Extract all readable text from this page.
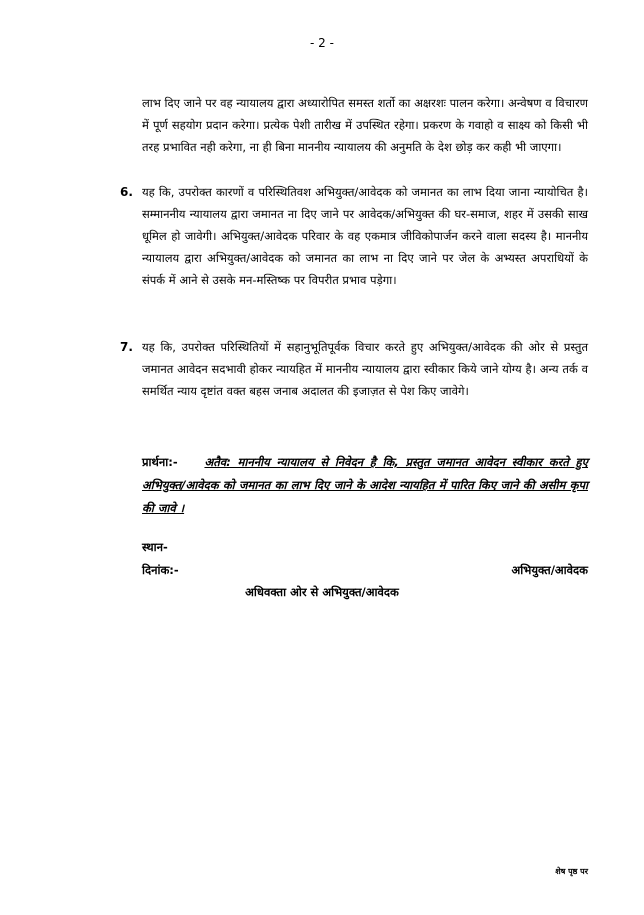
- 2 -
लाभ दिए जाने पर वह न्यायालय द्वारा अध्यारोपित समस्त शर्तो का अक्षरशः पालन करेगा। अन्वेषण व विचारण में पूर्ण सहयोग प्रदान करेगा। प्रत्येक पेशी तारीख में उपस्थित रहेगा। प्रकरण के गवाहो व साक्ष्य को किसी भी तरह प्रभावित नही करेगा, ना ही बिना माननीय न्यायालय की अनुमति के देश छोड़ कर कही भी जाएगा।
6. यह कि, उपरोक्त कारणों व परिस्थितिवश अभियुक्त/आवेदक को जमानत का लाभ दिया जाना न्यायोचित है। सम्माननीय न्यायालय द्वारा जमानत ना दिए जाने पर आवेदक/अभियुक्त की घर-समाज, शहर में उसकी साख धूमिल हो जावेगी। अभियुक्त/आवेदक परिवार के वह एकमात्र जीविकोपार्जन करने वाला सदस्य है। माननीय न्यायालय द्वारा अभियुक्त/आवेदक को जमानत का लाभ ना दिए जाने पर जेल के अभ्यस्त अपराधियों के संपर्क में आने से उसके मन-मस्तिष्क पर विपरीत प्रभाव पड़ेगा।
7. यह कि, उपरोक्त परिस्थितियों में सहानुभूतिपूर्वक विचार करते हुए अभियुक्त/आवेदक की ओर से प्रस्तुत जमानत आवेदन सदभावी होकर न्यायहित में माननीय न्यायालय द्वारा स्वीकार किये जाने योग्य है। अन्य तर्क व समर्थित न्याय दृष्टांत वक्त बहस जनाब अदालत की इजाज़त से पेश किए जावेगे।
प्रार्थना:- अतैव: माननीय न्यायालय से निवेदन है कि, प्रस्तुत जमानत आवेदन स्वीकार करते हुए अभियुक्त/आवेदक को जमानत का लाभ दिए जाने के आदेश न्यायहित में पारित किए जाने की असीम कृपा की जावे ।
स्थान-
दिनांक:-	अभियुक्त/आवेदक
अधिवक्ता ओर से अभियुक्त/आवेदक
शेष पृष्ठ पर
